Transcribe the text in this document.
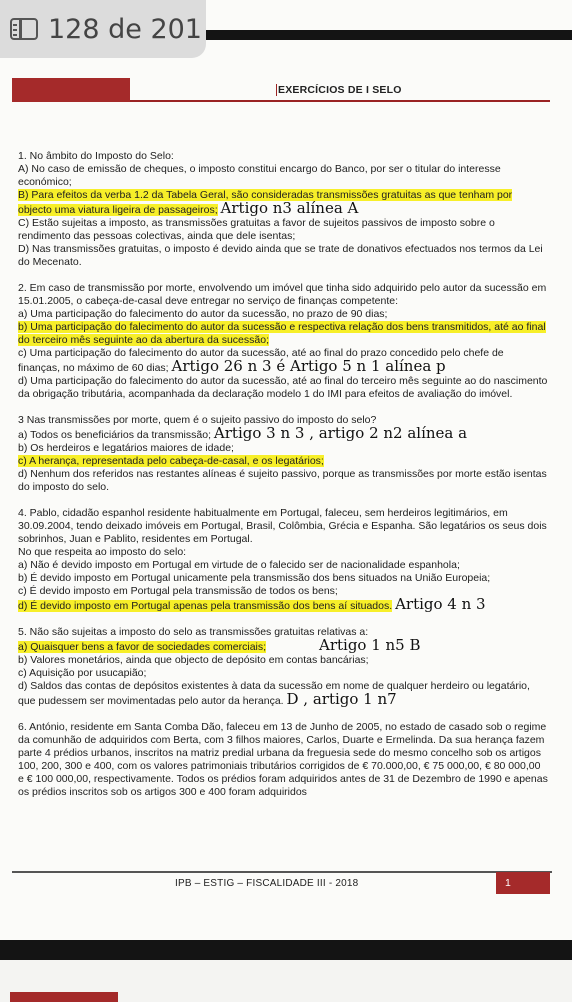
128 de 201
EXERCÍCIOS DE I SELO

1. No âmbito do Imposto do Selo:

A) No caso de emissão de cheques, o imposto constitui encargo do Banco, por ser o titular do interesse económico;

B) Para efeitos da verba 1.2 da Tabela Geral, são consideradas transmissões gratuitas as que tenham por objecto uma viatura ligeira de passageiros; Artigo n3 alínea A

C) Estão sujeitas a imposto, as transmissões gratuitas a favor de sujeitos passivos de imposto sobre o rendimento das pessoas colectivas, ainda que dele isentas;

D) Nas transmissões gratuitas, o imposto é devido ainda que se trate de donativos efectuados nos termos da Lei do Mecenato.

2. Em caso de transmissão por morte, envolvendo um imóvel que tinha sido adquirido pelo autor da sucessão em 15.01.2005, o cabeça-de-casal deve entregar no serviço de finanças competente:

a) Uma participação do falecimento do autor da sucessão, no prazo de 90 dias;

b) Uma participação do falecimento do autor da sucessão e respectiva relação dos bens transmitidos, até ao final do terceiro mês seguinte ao da abertura da sucessão;

c) Uma participação do falecimento do autor da sucessão, até ao final do prazo concedido pelo chefe de finanças, no máximo de 60 dias; Artigo 26 n 3 é Artigo 5 n 1 alínea p

d) Uma participação do falecimento do autor da sucessão, até ao final do terceiro mês seguinte ao do nascimento da obrigação tributária, acompanhada da declaração modelo 1 do IMI para efeitos de avaliação do imóvel.

3 Nas transmissões por morte, quem é o sujeito passivo do imposto do selo?

a) Todos os beneficiários da transmissão; Artigo 3 n 3 , artigo 2 n2 alínea a

b) Os herdeiros e legatários maiores de idade;

c) A herança, representada pelo cabeça-de-casal, e os legatários;

d) Nenhum dos referidos nas restantes alíneas é sujeito passivo, porque as transmissões por morte estão isentas do imposto do selo.

4. Pablo, cidadão espanhol residente habitualmente em Portugal, faleceu, sem herdeiros legitimários, em 30.09.2004, tendo deixado imóveis em Portugal, Brasil, Colômbia, Grécia e Espanha. São legatários os seus dois sobrinhos, Juan e Pablito, residentes em Portugal.

No que respeita ao imposto do selo:

a) Não é devido imposto em Portugal em virtude de o falecido ser de nacionalidade espanhola;

b) É devido imposto em Portugal unicamente pela transmissão dos bens situados na União Europeia;

c) É devido imposto em Portugal pela transmissão de todos os bens;

d) É devido imposto em Portugal apenas pela transmissão dos bens aí situados. Artigo 4 n 3

5. Não são sujeitas a imposto do selo as transmissões gratuitas relativas a:

a) Quaisquer bens a favor de sociedades comerciais;	Artigo 1 n5 B

b) Valores monetários, ainda que objecto de depósito em contas bancárias;

c) Aquisição por usucapião;

d) Saldos das contas de depósitos existentes à data da sucessão em nome de qualquer herdeiro ou legatário, que pudessem ser movimentadas pelo autor da herança. D , artigo 1 n7

6. António, residente em Santa Comba Dão, faleceu em 13 de Junho de 2005, no estado de casado sob o regime da comunhão de adquiridos com Berta, com 3 filhos maiores, Carlos, Duarte e Ermelinda. Da sua herança fazem parte 4 prédios urbanos, inscritos na matriz predial urbana da freguesia sede do mesmo concelho sob os artigos 100, 200, 300 e 400, com os valores patrimoniais tributários corrigidos de € 70.000,00, € 75 000,00, € 80 000,00 e € 100 000,00, respectivamente. Todos os prédios foram adquiridos antes de 31 de Dezembro de 1990 e apenas os prédios inscritos sob os artigos 300 e 400 foram adquiridos

IPB – ESTIG – FISCALIDADE III - 2018	1
